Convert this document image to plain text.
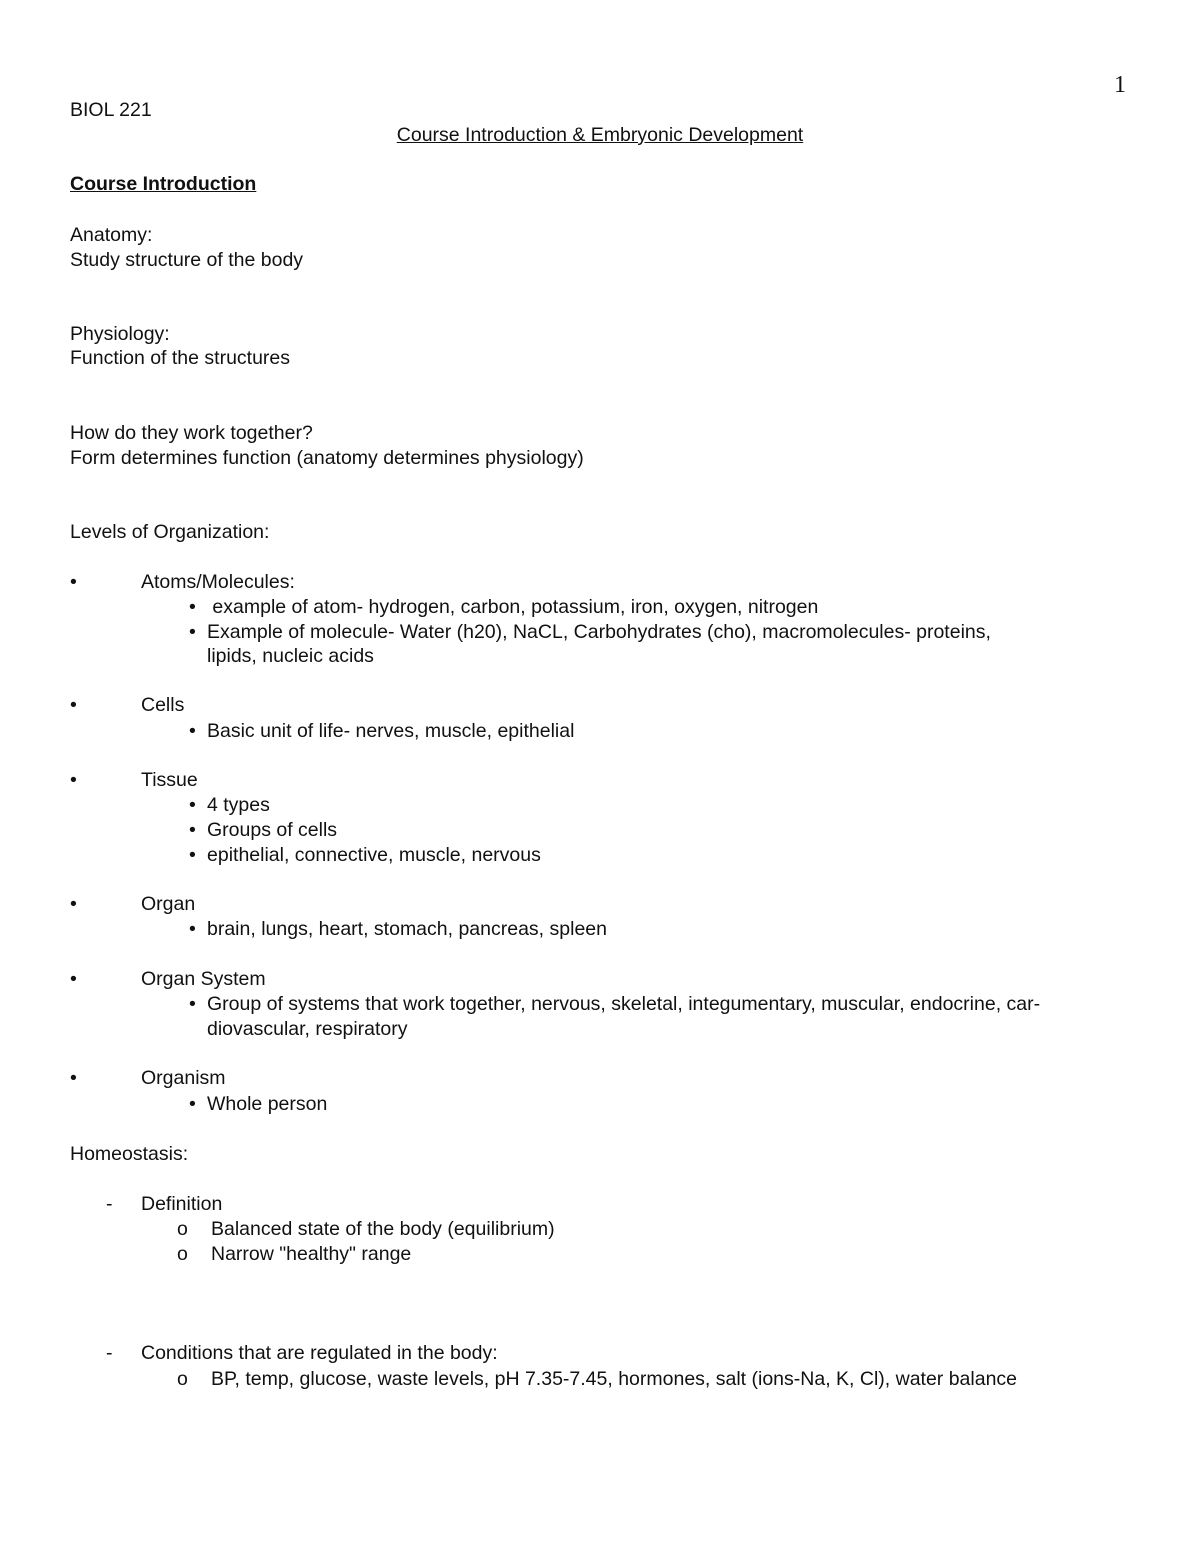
1
BIOL 221
Course Introduction & Embryonic Development
Course Introduction
Anatomy:
Study structure of the body
Physiology:
Function of the structures
How do they work together?
Form determines function (anatomy determines physiology)
Levels of Organization:
•	Atoms/Molecules:
• example of atom- hydrogen, carbon, potassium, iron, oxygen, nitrogen
• Example of molecule- Water (h20), NaCL, Carbohydrates (cho), macromolecules- proteins,
lipids, nucleic acids
•	Cells
• Basic unit of life- nerves, muscle, epithelial
•	Tissue
• 4 types
• Groups of cells
• epithelial, connective, muscle, nervous
•	Organ
• brain, lungs, heart, stomach, pancreas, spleen
•	Organ System
• Group of systems that work together, nervous, skeletal, integumentary, muscular, endocrine, car-
diovascular, respiratory
•	Organism
• Whole person
Homeostasis:
- Definition
o Balanced state of the body (equilibrium)
o Narrow "healthy" range
- Conditions that are regulated in the body:
o BP, temp, glucose, waste levels, pH 7.35-7.45, hormones, salt (ions-Na, K, Cl), water balance
